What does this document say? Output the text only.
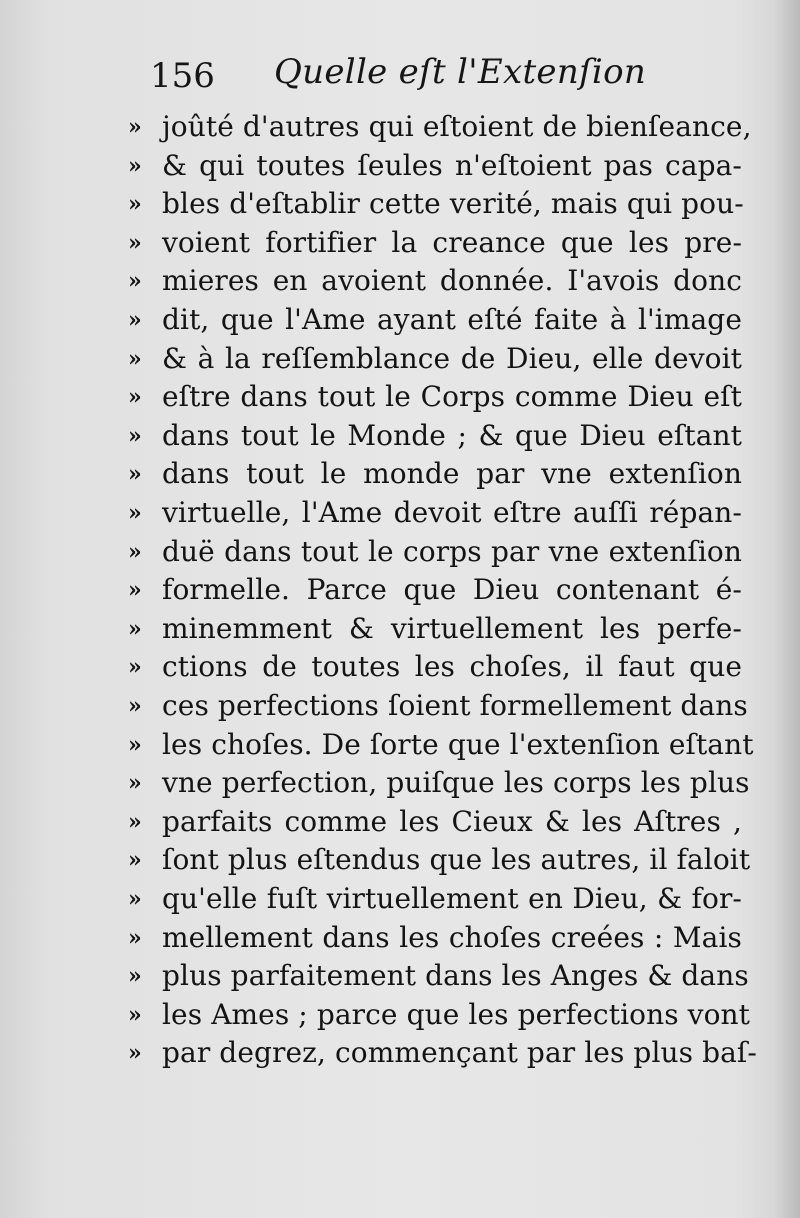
156 Quelle eſt l'Extenſion
» joûté d'autres qui eſtoient de bienſeance,
» & qui toutes ſeules n'eſtoient pas capa-
» bles d'eſtablir cette verité, mais qui pou-
» voient fortifier la creance que les pre-
» mieres en avoient donnée. I'avois donc
» dit, que l'Ame ayant eſté faite à l'image
» & à la reſſemblance de Dieu, elle devoit
» eſtre dans tout le Corps comme Dieu eſt
» dans tout le Monde ; & que Dieu eſtant
» dans tout le monde par vne extenſion
» virtuelle, l'Ame devoit eſtre auſſi répan-
» duë dans tout le corps par vne extenſion
» formelle. Parce que Dieu contenant é-
» minemment & virtuellement les perfe-
» ctions de toutes les choſes, il faut que
» ces perfections ſoient formellement dans
» les choſes. De ſorte que l'extenſion eſtant
» vne perfection, puiſque les corps les plus
» parfaits comme les Cieux & les Aſtres ,
» ſont plus eſtendus que les autres, il faloit
» qu'elle fuſt virtuellement en Dieu, & for-
» mellement dans les choſes creées : Mais
» plus parfaitement dans les Anges & dans
» les Ames ; parce que les perfections vont
» par degrez, commençant par les plus baſ-
